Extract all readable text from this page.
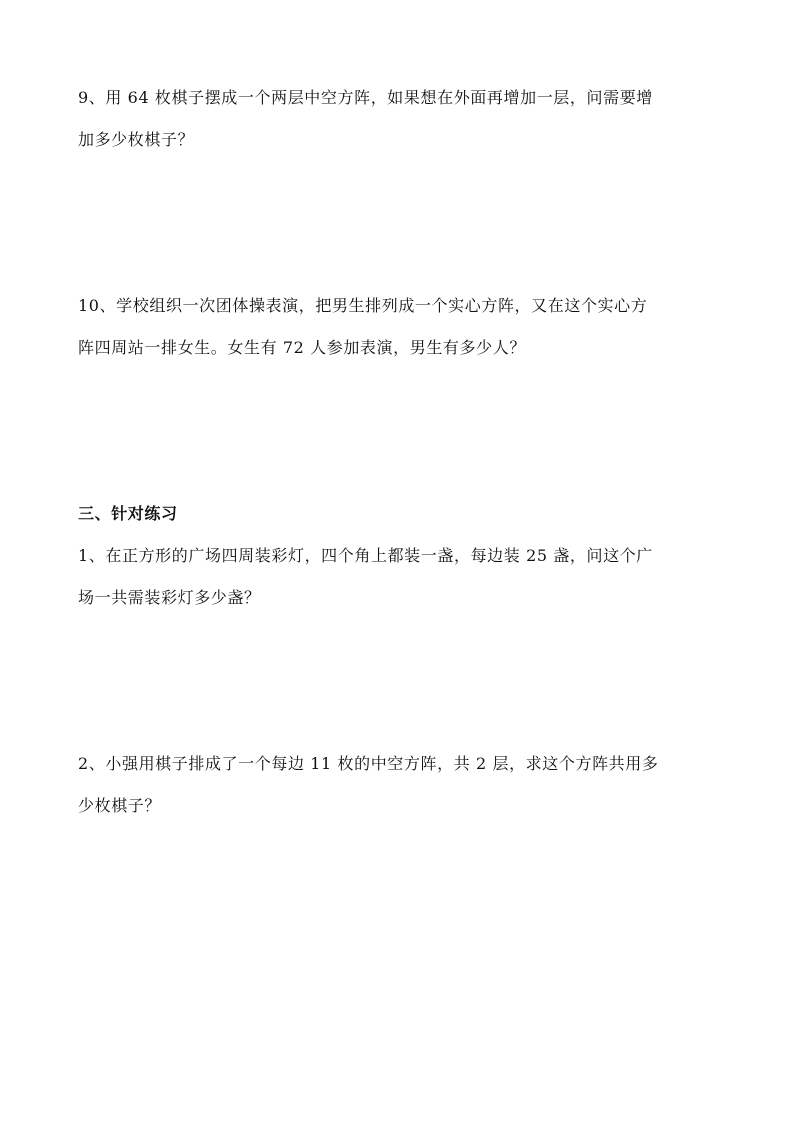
9、用 64 枚棋子摆成一个两层中空方阵，如果想在外面再增加一层，问需要增

加多少枚棋子？

10、学校组织一次团体操表演，把男生排列成一个实心方阵，又在这个实心方

阵四周站一排女生。女生有 72 人参加表演，男生有多少人？

三、针对练习

1、在正方形的广场四周装彩灯，四个角上都装一盏，每边装 25 盏，问这个广

场一共需装彩灯多少盏？

2、小强用棋子排成了一个每边 11 枚的中空方阵，共 2 层，求这个方阵共用多

少枚棋子？
